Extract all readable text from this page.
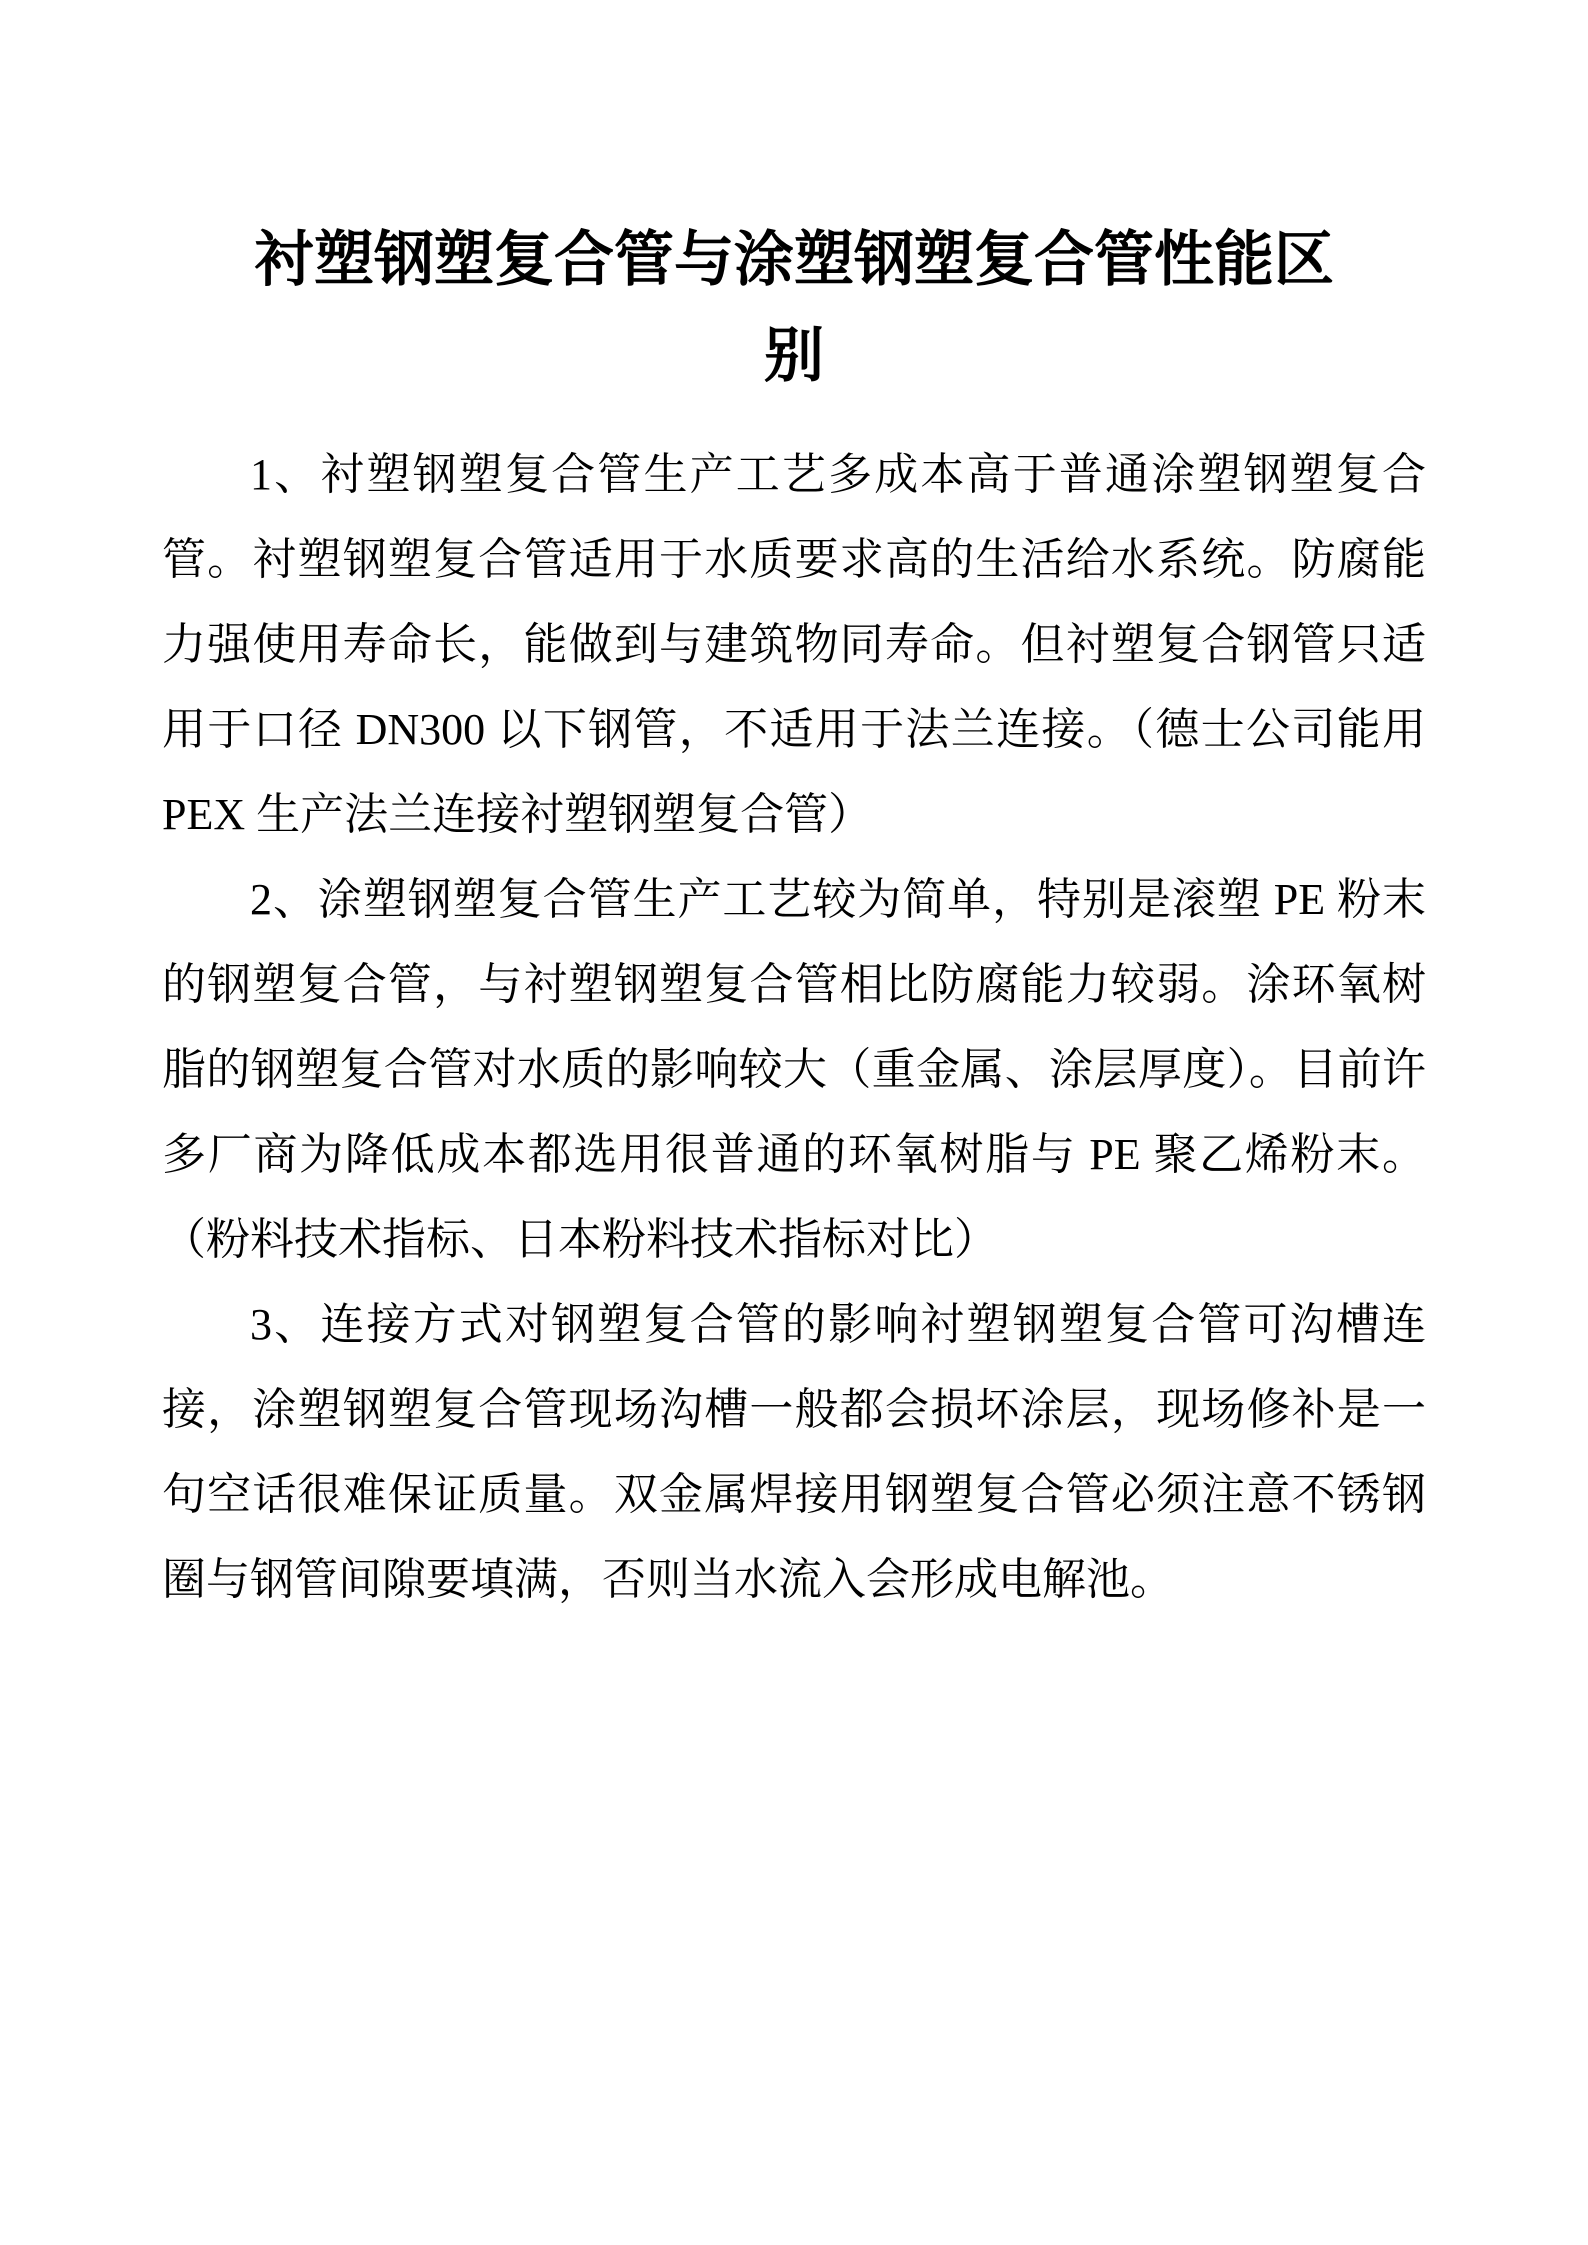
衬塑钢塑复合管与涂塑钢塑复合管性能区别

1、衬塑钢塑复合管生产工艺多成本高于普通涂塑钢塑复合管。衬塑钢塑复合管适用于水质要求高的生活给水系统。防腐能力强使用寿命长，能做到与建筑物同寿命。但衬塑复合钢管只适用于口径 DN300 以下钢管，不适用于法兰连接。（德士公司能用 PEX 生产法兰连接衬塑钢塑复合管）

2、涂塑钢塑复合管生产工艺较为简单，特别是滚塑 PE 粉末的钢塑复合管，与衬塑钢塑复合管相比防腐能力较弱。涂环氧树脂的钢塑复合管对水质的影响较大（重金属、涂层厚度）。目前许多厂商为降低成本都选用很普通的环氧树脂与 PE 聚乙烯粉末。（粉料技术指标、日本粉料技术指标对比）

3、连接方式对钢塑复合管的影响衬塑钢塑复合管可沟槽连接，涂塑钢塑复合管现场沟槽一般都会损坏涂层，现场修补是一句空话很难保证质量。双金属焊接用钢塑复合管必须注意不锈钢圈与钢管间隙要填满，否则当水流入会形成电解池。
